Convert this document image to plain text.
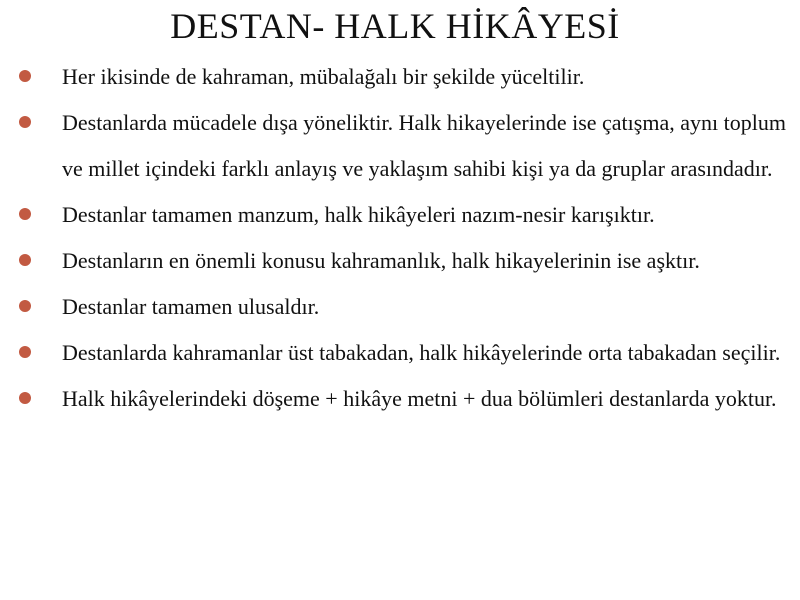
DESTAN- HALK HİKÂYESİ
Her ikisinde de kahraman, mübalağalı bir şekilde yüceltilir.
Destanlarda mücadele dışa yöneliktir. Halk hikayelerinde ise çatışma, aynı toplum ve millet içindeki farklı anlayış ve yaklaşım sahibi kişi ya da gruplar arasındadır.
Destanlar tamamen manzum, halk hikâyeleri nazım-nesir karışıktır.
Destanların en önemli konusu kahramanlık, halk hikayelerinin ise aşktır.
Destanlar tamamen ulusaldır.
Destanlarda kahramanlar üst tabakadan, halk hikâyelerinde orta tabakadan seçilir.
Halk hikâyelerindeki döşeme + hikâye metni + dua bölümleri destanlarda yoktur.
